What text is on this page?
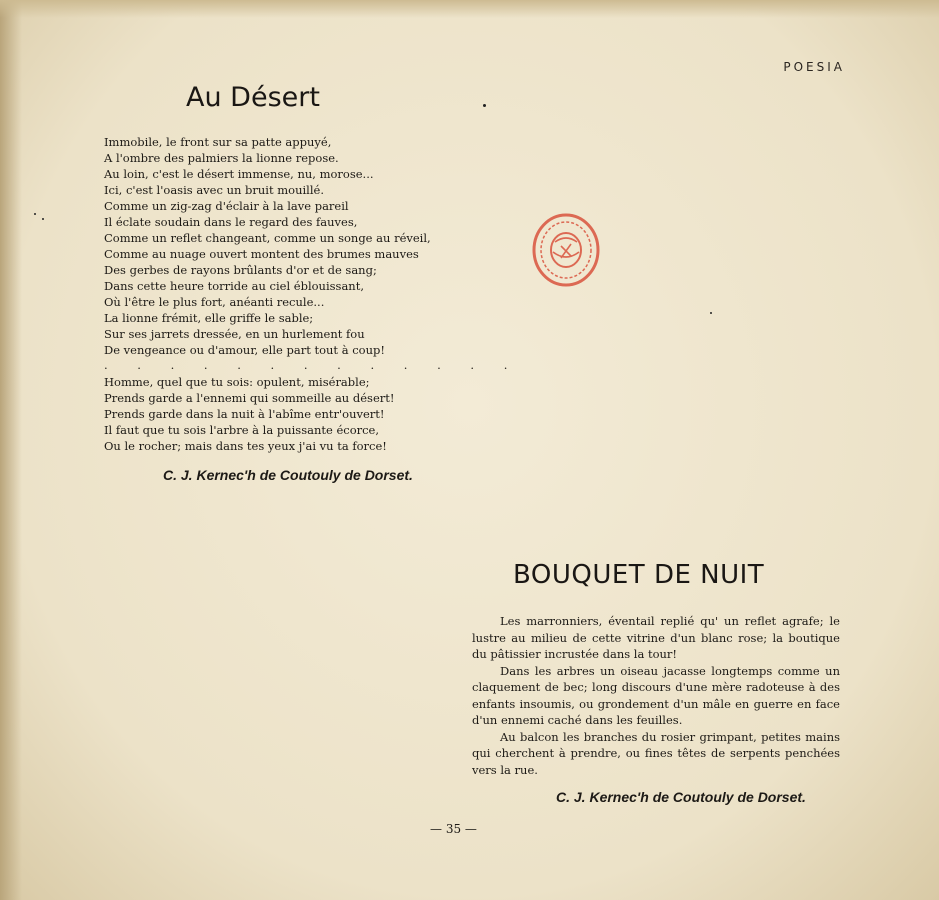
POESIA
Au Désert
Immobile, le front sur sa patte appuyé,
A l'ombre des palmiers la lionne repose.
Au loin, c'est le désert immense, nu, morose...
Ici, c'est l'oasis avec un bruit mouillé.
Comme un zig-zag d'éclair à la lave pareil
Il éclate soudain dans le regard des fauves,
Comme un reflet changeant, comme un songe au réveil,
Comme au nuage ouvert montent des brumes mauves
Des gerbes de rayons brûlants d'or et de sang;
Dans cette heure torride au ciel éblouissant,
Où l'être le plus fort, anéanti recule...
La lionne frémit, elle griffe le sable;
Sur ses jarrets dressée, en un hurlement fou
De vengeance ou d'amour, elle part tout à coup!
. . . . . . . . . . . . .
Homme, quel que tu sois: opulent, misérable;
Prends garde a l'ennemi qui sommeille au désert!
Prends garde dans la nuit à l'abîme entr'ouvert!
Il faut que tu sois l'arbre à la puissante écorce,
Ou le rocher; mais dans tes yeux j'ai vu ta force!
C. J. Kernec'h de Coutouly de Dorset.
BOUQUET DE NUIT

Les marronniers, éventail replié qu' un reflet agrafe; le lustre au milieu de cette vitrine d'un blanc rose; la boutique du pâtissier incrustée dans la tour!

Dans les arbres un oiseau jacasse longtemps comme un claquement de bec; long discours d'une mère radoteuse à des enfants insoumis, ou grondement d'un mâle en guerre en face d'un ennemi caché dans les feuilles.

Au balcon les branches du rosier grimpant, petites mains qui cherchent à prendre, ou fines têtes de serpents penchées vers la rue.

C. J. Kernec'h de Coutouly de Dorset.
— 35 —
